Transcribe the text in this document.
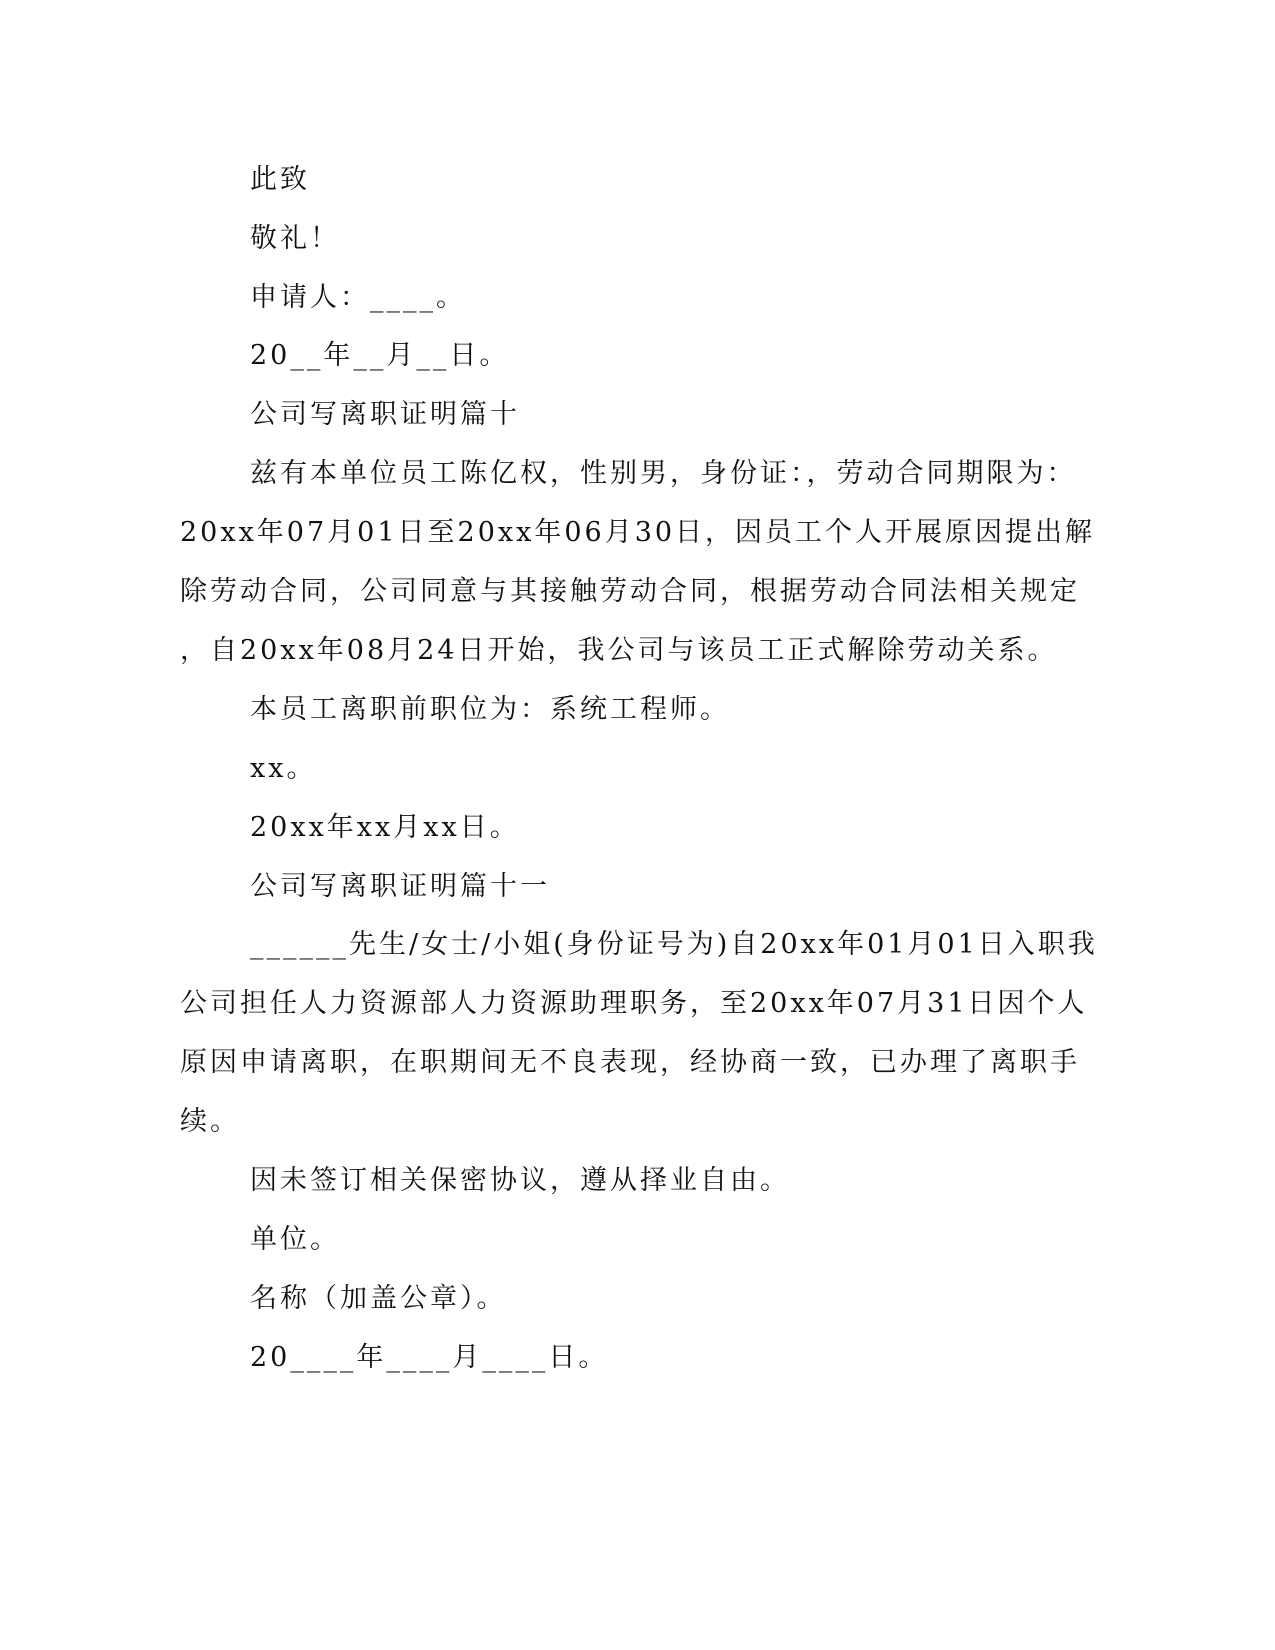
此致
敬礼！
申请人：____。
20__年__月__日。
公司写离职证明篇十
兹有本单位员工陈亿权，性别男，身份证：，劳动合同期限为：
20xx年07月01日至20xx年06月30日，因员工个人开展原因提出解
除劳动合同，公司同意与其接触劳动合同，根据劳动合同法相关规定
，自20xx年08月24日开始，我公司与该员工正式解除劳动关系。
本员工离职前职位为：系统工程师。
xx。
20xx年xx月xx日。
公司写离职证明篇十一
______先生/女士/小姐(身份证号为)自20xx年01月01日入职我
公司担任人力资源部人力资源助理职务，至20xx年07月31日因个人
原因申请离职，在职期间无不良表现，经协商一致，已办理了离职手
续。
因未签订相关保密协议，遵从择业自由。
单位。
名称（加盖公章）。
20____年____月____日。
